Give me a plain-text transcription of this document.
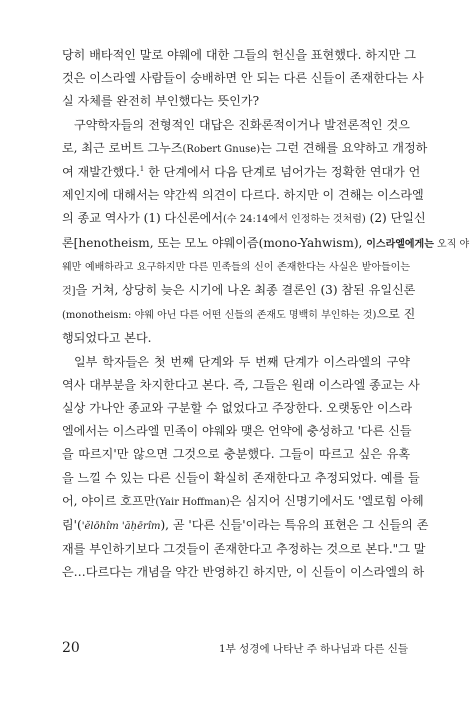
당히 배타적인 말로 야웨에 대한 그들의 헌신을 표현했다. 하지만 그
것은 이스라엘 사람들이 숭배하면 안 되는 다른 신들이 존재한다는 사
실 자체를 완전히 부인했다는 뜻인가?
구약학자들의 전형적인 대답은 진화론적이거나 발전론적인 것으
로, 최근 로버트 그누즈(Robert Gnuse)는 그런 견해를 요약하고 개정하
여 재발간했다.$^1$ 한 단계에서 다음 단계로 넘어가는 정확한 연대가 언
제인지에 대해서는 약간씩 의견이 다르다. 하지만 이 견해는 이스라엘
의 종교 역사가 (1) 다신론에서(수 24:14에서 인정하는 것처럼) (2) 단일신
론[henotheism, 또는 모노 야웨이즘(mono-Yahwism), 이스라엘에게는 오직 야
웨만 예배하라고 요구하지만 다른 민족들의 신이 존재한다는 사실은 받아들이는
것]을 거쳐, 상당히 늦은 시기에 나온 최종 결론인 (3) 참된 유일신론
(monotheism: 야웨 아닌 다른 어떤 신들의 존재도 명백히 부인하는 것)으로 진
행되었다고 본다.
일부 학자들은 첫 번째 단계와 두 번째 단계가 이스라엘의 구약
역사 대부분을 차지한다고 본다. 즉, 그들은 원래 이스라엘 종교는 사
실상 가나안 종교와 구분할 수 없었다고 주장한다. 오랫동안 이스라
엘에서는 이스라엘 민족이 야웨와 맺은 언약에 충성하고 '다른 신들
을 따르지'만 않으면 그것으로 충분했다. 그들이 따르고 싶은 유혹
을 느낄 수 있는 다른 신들이 확실히 존재한다고 추정되었다. 예를 들
어, 야이르 호프만(Yair Hoffman)은 심지어 신명기에서도 '엘로힘 아헤
림'('ĕlōhîm 'ăḥērîm), 곧 '다른 신들'이라는 특유의 표현은 그 신들의 존
재를 부인하기보다 그것들이 존재한다고 추정하는 것으로 본다."그 말
은…다르다는 개념을 약간 반영하긴 하지만, 이 신들이 이스라엘의 하
20	1부 성경에 나타난 주 하나님과 다른 신들
